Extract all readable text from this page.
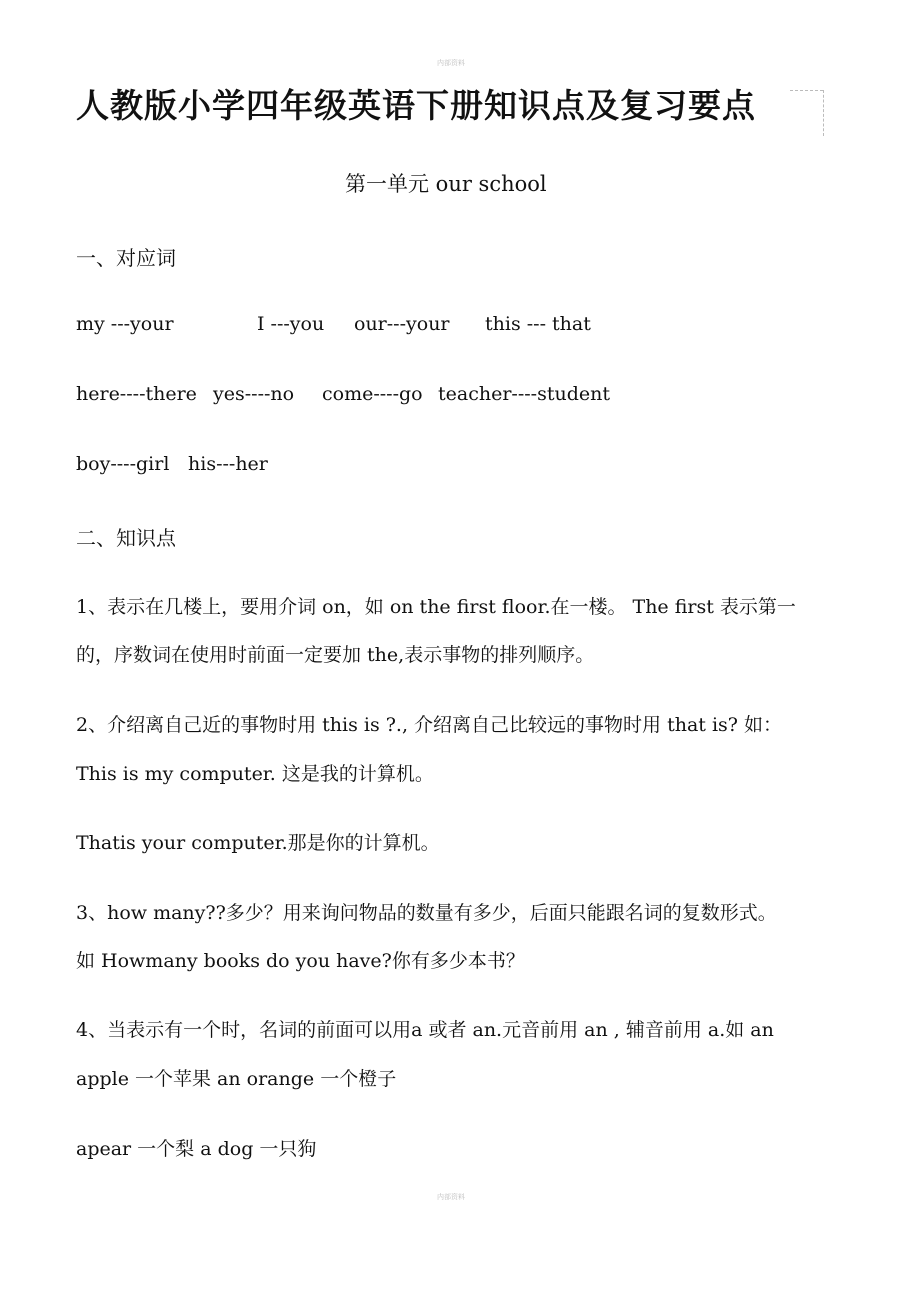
内部资料
人教版小学四年级英语下册知识点及复习要点
第一单元 our school
一、对应词
my ---your	I ---you our---your this --- that
here----there yes----no come----go teacher----student
boy----girl his---her
二、知识点
1、表示在几楼上，要用介词 on，如 on the first floor.在一楼。 The first 表示第一
的，序数词在使用时前面一定要加 the,表示事物的排列顺序。
2、介绍离自己近的事物时用 this is ?., 介绍离自己比较远的事物时用 that is? 如：
This is my computer. 这是我的计算机。
Thatis your computer.那是你的计算机。
3、how many??多少？用来询问物品的数量有多少，后面只能跟名词的复数形式。
如 Howmany books do you have?你有多少本书？
4、当表示有一个时，名词的前面可以用a 或者 an.元音前用 an , 辅音前用 a.如 an
apple 一个苹果 an orange 一个橙子
apear 一个梨 a dog 一只狗
内部资料
